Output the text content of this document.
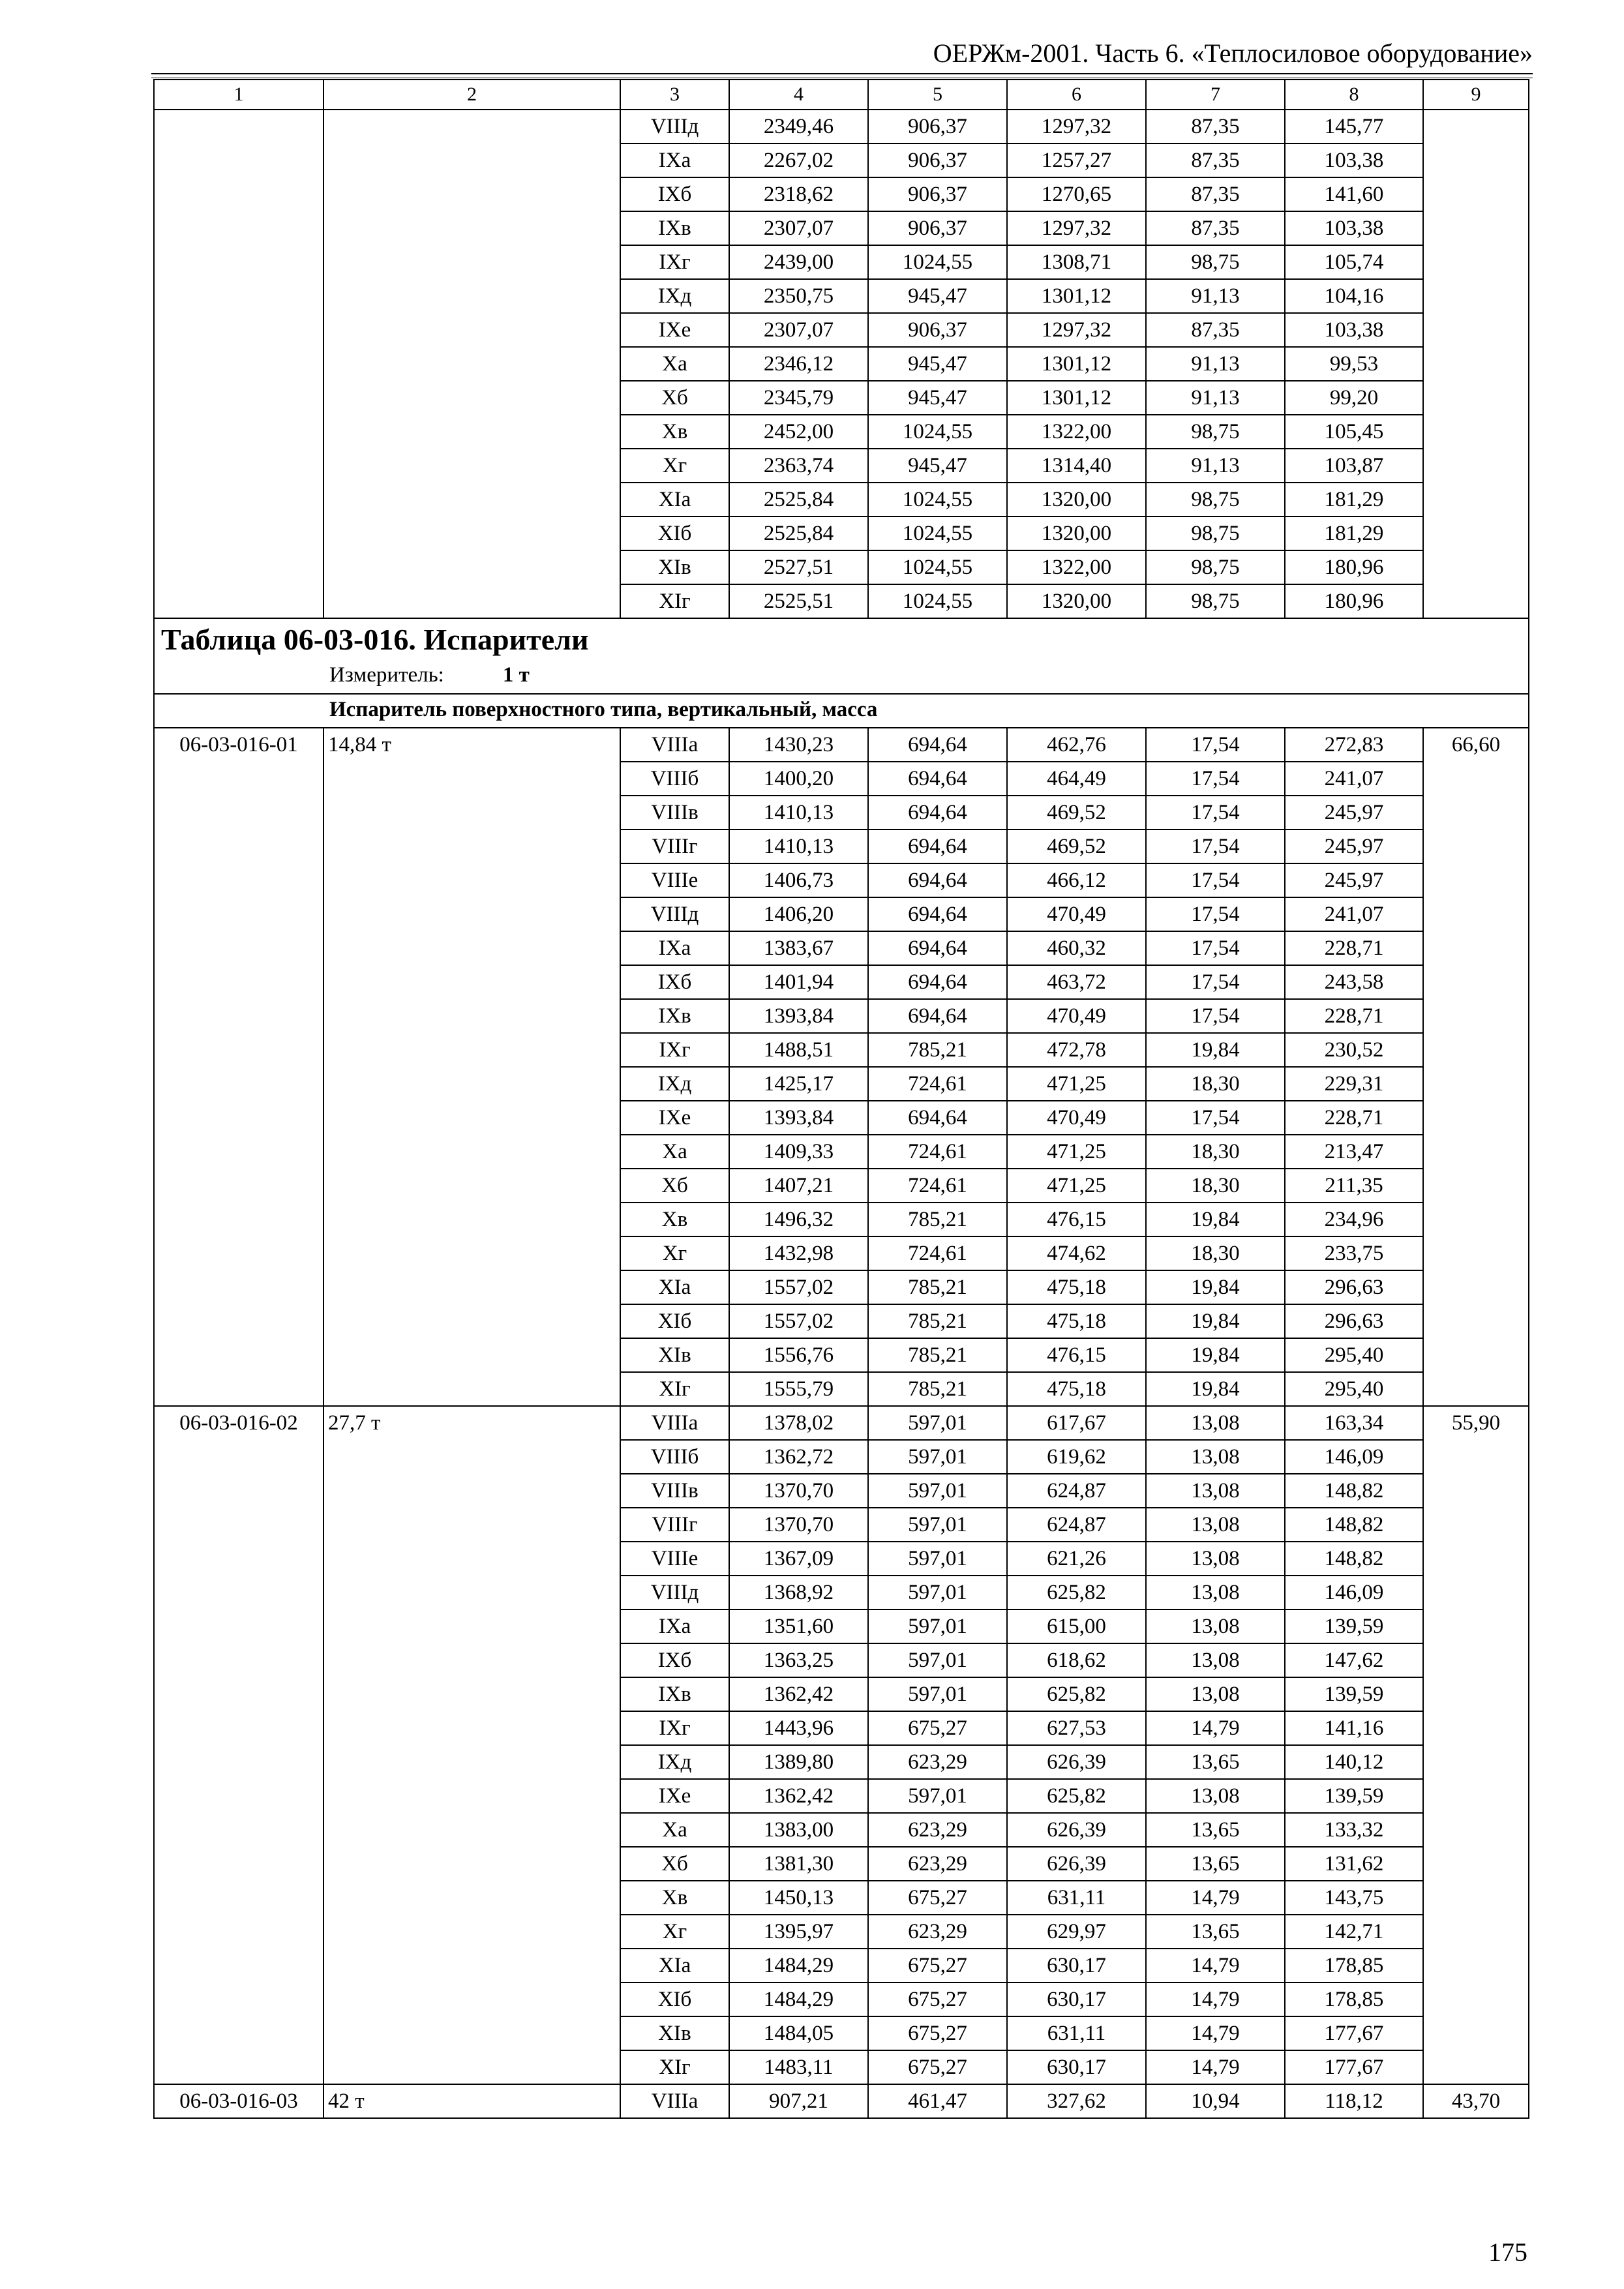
ОЕРЖм-2001. Часть 6. «Теплосиловое оборудование»
1	2	3	4	5	6	7	8	9
		VIIIд	2349,46	906,37	1297,32	87,35	145,77	
		IXа	2267,02	906,37	1257,27	87,35	103,38	
		IXб	2318,62	906,37	1270,65	87,35	141,60	
		IXв	2307,07	906,37	1297,32	87,35	103,38	
		IXг	2439,00	1024,55	1308,71	98,75	105,74	
		IXд	2350,75	945,47	1301,12	91,13	104,16	
		IXе	2307,07	906,37	1297,32	87,35	103,38	
		Xа	2346,12	945,47	1301,12	91,13	99,53	
		Xб	2345,79	945,47	1301,12	91,13	99,20	
		Xв	2452,00	1024,55	1322,00	98,75	105,45	
		Xг	2363,74	945,47	1314,40	91,13	103,87	
		XIа	2525,84	1024,55	1320,00	98,75	181,29	
		XIб	2525,84	1024,55	1320,00	98,75	181,29	
		XIв	2527,51	1024,55	1322,00	98,75	180,96	
		XIг	2525,51	1024,55	1320,00	98,75	180,96	
Таблица 06-03-016. Испарители								
Измеритель: 1 т								
Испаритель поверхностного типа, вертикальный, масса								
06-03-016-01	14,84 т	VIIIа	1430,23	694,64	462,76	17,54	272,83	66,60
		VIIIб	1400,20	694,64	464,49	17,54	241,07	
		VIIIв	1410,13	694,64	469,52	17,54	245,97	
		VIIIг	1410,13	694,64	469,52	17,54	245,97	
		VIIIе	1406,73	694,64	466,12	17,54	245,97	
		VIIIд	1406,20	694,64	470,49	17,54	241,07	
		IXа	1383,67	694,64	460,32	17,54	228,71	
		IXб	1401,94	694,64	463,72	17,54	243,58	
		IXв	1393,84	694,64	470,49	17,54	228,71	
		IXг	1488,51	785,21	472,78	19,84	230,52	
		IXд	1425,17	724,61	471,25	18,30	229,31	
		IXе	1393,84	694,64	470,49	17,54	228,71	
		Xа	1409,33	724,61	471,25	18,30	213,47	
		Xб	1407,21	724,61	471,25	18,30	211,35	
		Xв	1496,32	785,21	476,15	19,84	234,96	
		Xг	1432,98	724,61	474,62	18,30	233,75	
		XIа	1557,02	785,21	475,18	19,84	296,63	
		XIб	1557,02	785,21	475,18	19,84	296,63	
		XIв	1556,76	785,21	476,15	19,84	295,40	
		XIг	1555,79	785,21	475,18	19,84	295,40	
06-03-016-02	27,7 т	VIIIа	1378,02	597,01	617,67	13,08	163,34	55,90
		VIIIб	1362,72	597,01	619,62	13,08	146,09	
		VIIIв	1370,70	597,01	624,87	13,08	148,82	
		VIIIг	1370,70	597,01	624,87	13,08	148,82	
		VIIIе	1367,09	597,01	621,26	13,08	148,82	
		VIIIд	1368,92	597,01	625,82	13,08	146,09	
		IXа	1351,60	597,01	615,00	13,08	139,59	
		IXб	1363,25	597,01	618,62	13,08	147,62	
		IXв	1362,42	597,01	625,82	13,08	139,59	
		IXг	1443,96	675,27	627,53	14,79	141,16	
		IXд	1389,80	623,29	626,39	13,65	140,12	
		IXе	1362,42	597,01	625,82	13,08	139,59	
		Xа	1383,00	623,29	626,39	13,65	133,32	
		Xб	1381,30	623,29	626,39	13,65	131,62	
		Xв	1450,13	675,27	631,11	14,79	143,75	
		Xг	1395,97	623,29	629,97	13,65	142,71	
		XIа	1484,29	675,27	630,17	14,79	178,85	
		XIб	1484,29	675,27	630,17	14,79	178,85	
		XIв	1484,05	675,27	631,11	14,79	177,67	
		XIг	1483,11	675,27	630,17	14,79	177,67	
06-03-016-03	42 т	VIIIа	907,21	461,47	327,62	10,94	118,12	43,70
175
